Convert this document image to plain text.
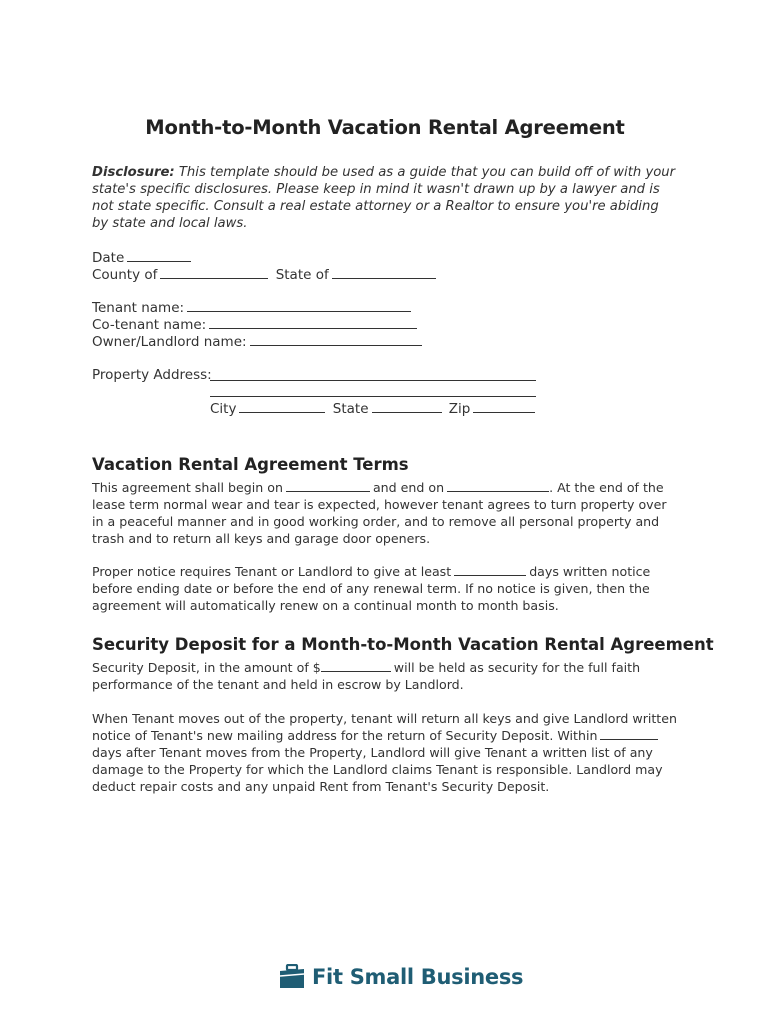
Month-to-Month Vacation Rental Agreement
Disclosure: This template should be used as a guide that you can build off of with your state's specific disclosures. Please keep in mind it wasn't drawn up by a lawyer and is not state specific. Consult a real estate attorney or a Realtor to ensure you're abiding by state and local laws.
Date
County of	State of
Tenant name:
Co-tenant name:
Owner/Landlord name:
Property Address:
City	State	Zip
Vacation Rental Agreement Terms
This agreement shall begin on	and end on	. At the end of the lease term normal wear and tear is expected, however tenant agrees to turn property over in a peaceful manner and in good working order, and to remove all personal property and trash and to return all keys and garage door openers.
Proper notice requires Tenant or Landlord to give at least	days written notice before ending date or before the end of any renewal term. If no notice is given, then the agreement will automatically renew on a continual month to month basis.
Security Deposit for a Month-to-Month Vacation Rental Agreement
Security Deposit, in the amount of $	will be held as security for the full faith performance of the tenant and held in escrow by Landlord.
When Tenant moves out of the property, tenant will return all keys and give Landlord written notice of Tenant's new mailing address for the return of Security Deposit. Withindays after Tenant moves from the Property, Landlord will give Tenant a written list of any damage to the Property for which the Landlord claims Tenant is responsible. Landlord may deduct repair costs and any unpaid Rent from Tenant's Security Deposit.
Fit Small Business
